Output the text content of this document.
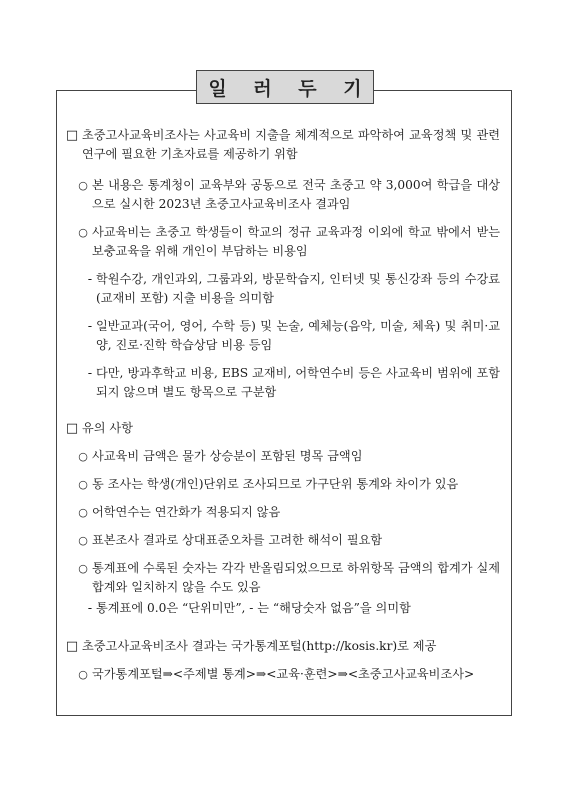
일 러 두 기
□ 초중고사교육비조사는 사교육비 지출을 체계적으로 파악하여 교육정책 및 관련 연구에 필요한 기초자료를 제공하기 위함
○ 본 내용은 통계청이 교육부와 공동으로 전국 초중고 약 3,000여 학급을 대상으로 실시한 2023년 초중고사교육비조사 결과임
○ 사교육비는 초중고 학생들이 학교의 정규 교육과정 이외에 학교 밖에서 받는 보충교육을 위해 개인이 부담하는 비용임
- 학원수강, 개인과외, 그룹과외, 방문학습지, 인터넷 및 통신강좌 등의 수강료(교재비 포함) 지출 비용을 의미함
- 일반교과(국어, 영어, 수학 등) 및 논술, 예체능(음악, 미술, 체육) 및 취미·교양, 진로·진학 학습상담 비용 등임
- 다만, 방과후학교 비용, EBS 교재비, 어학연수비 등은 사교육비 범위에 포함되지 않으며 별도 항목으로 구분함
□ 유의 사항
○ 사교육비 금액은 물가 상승분이 포함된 명목 금액임
○ 동 조사는 학생(개인)단위로 조사되므로 가구단위 통계와 차이가 있음
○ 어학연수는 연간화가 적용되지 않음
○ 표본조사 결과로 상대표준오차를 고려한 해석이 필요함
○ 통계표에 수록된 숫자는 각각 반올림되었으므로 하위항목 금액의 합계가 실제 합계와 일치하지 않을 수도 있음
- 통계표에 0.0은 “단위미만”, - 는 “해당숫자 없음”을 의미함
□ 초중고사교육비조사 결과는 국가통계포털(http://kosis.kr)로 제공
○ 국가통계포털⇒<주제별 통계>⇒<교육·훈련>⇒<초중고사교육비조사>
